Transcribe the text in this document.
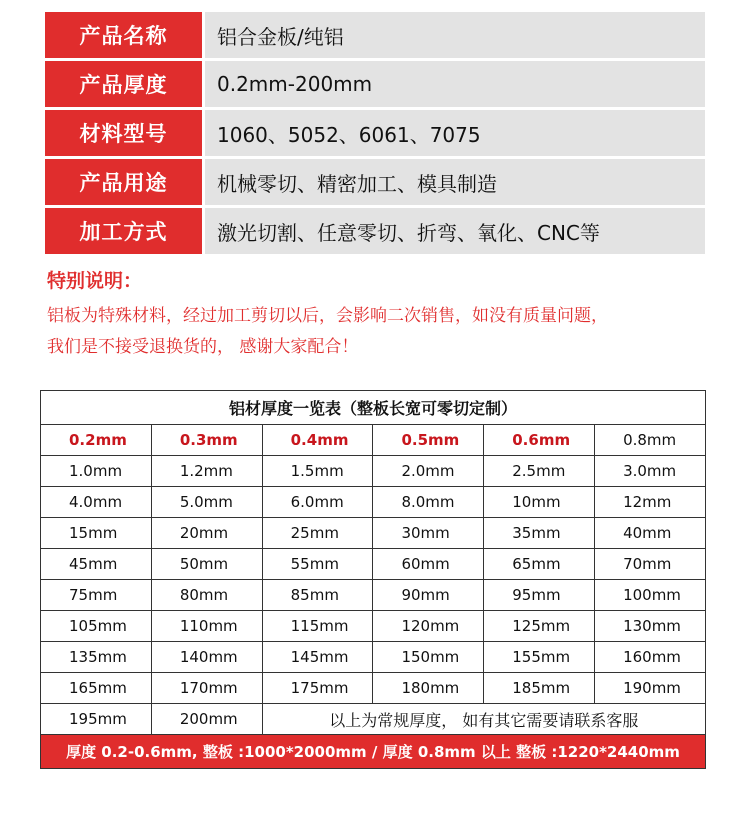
产品名称	铝合金板/纯铝
产品厚度	0.2mm-200mm
材料型号	1060、5052、6061、7075
产品用途	机械零切、精密加工、模具制造
加工方式	激光切割、任意零切、折弯、氧化、CNC等
特别说明：
铝板为特殊材料，经过加工剪切以后，会影响二次销售，如没有质量问题，
我们是不接受退换货的， 感谢大家配合！
铝材厚度一览表（整板长宽可零切定制）					
0.2mm	0.3mm	0.4mm	0.5mm	0.6mm	0.8mm
1.0mm	1.2mm	1.5mm	2.0mm	2.5mm	3.0mm
4.0mm	5.0mm	6.0mm	8.0mm	10mm	12mm
15mm	20mm	25mm	30mm	35mm	40mm
45mm	50mm	55mm	60mm	65mm	70mm
75mm	80mm	85mm	90mm	95mm	100mm
105mm	110mm	115mm	120mm	125mm	130mm
135mm	140mm	145mm	150mm	155mm	160mm
165mm	170mm	175mm	180mm	185mm	190mm
195mm	200mm	以上为常规厚度， 如有其它需要请联系客服			
厚度 0.2-0.6mm, 整板 :1000*2000mm / 厚度 0.8mm 以上 整板 :1220*2440mm					
